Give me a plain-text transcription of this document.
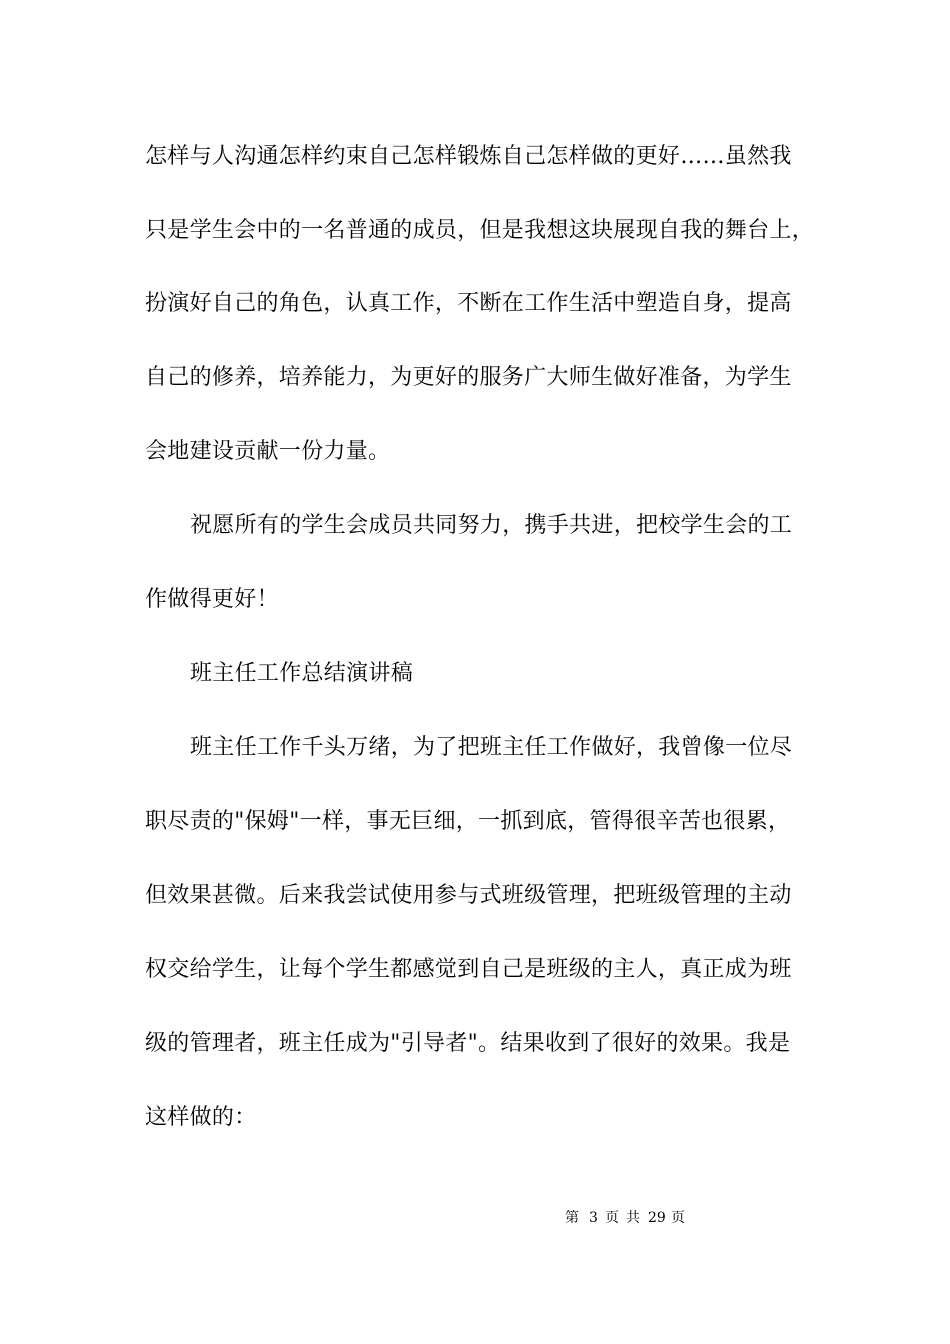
怎样与人沟通怎样约束自己怎样锻炼自己怎样做的更好……虽然我
只是学生会中的一名普通的成员，但是我想这块展现自我的舞台上，
扮演好自己的角色，认真工作，不断在工作生活中塑造自身，提高
自己的修养，培养能力，为更好的服务广大师生做好准备，为学生
会地建设贡献一份力量。
祝愿所有的学生会成员共同努力，携手共进，把校学生会的工
作做得更好！
班主任工作总结演讲稿
班主任工作千头万绪，为了把班主任工作做好，我曾像一位尽
职尽责的"保姆"一样，事无巨细，一抓到底，管得很辛苦也很累，
但效果甚微。后来我尝试使用参与式班级管理，把班级管理的主动
权交给学生，让每个学生都感觉到自己是班级的主人，真正成为班
级的管理者，班主任成为"引导者"。结果收到了很好的效果。我是
这样做的：
第 3 页 共 29 页
